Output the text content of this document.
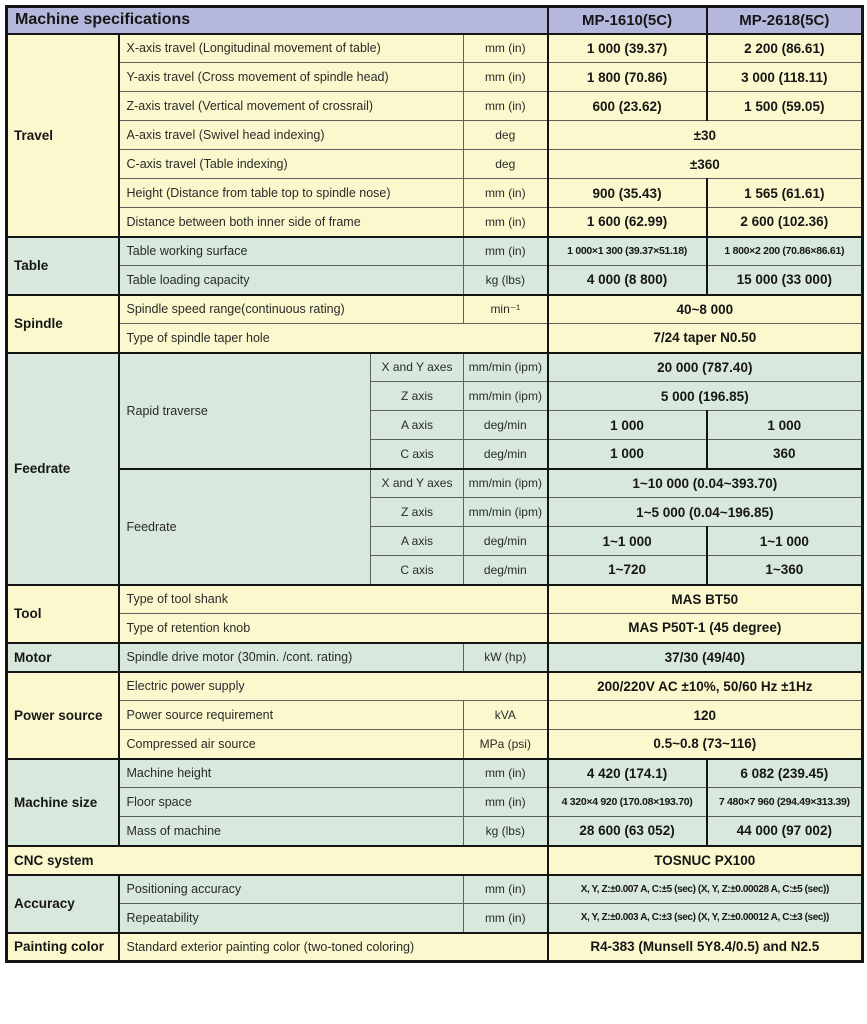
Machine specifications				MP-1610(5C)	MP-2618(5C)
Travel	X-axis travel (Longitudinal movement of table)		mm (in)	1 000 (39.37)	2 200 (86.61)
	Y-axis travel (Cross movement of spindle head)		mm (in)	1 800 (70.86)	3 000 (118.11)
	Z-axis travel (Vertical movement of crossrail)		mm (in)	600 (23.62)	1 500 (59.05)
	A-axis travel (Swivel head indexing)		deg	±30	
	C-axis travel (Table indexing)		deg	±360	
	Height (Distance from table top to spindle nose)		mm (in)	900 (35.43)	1 565 (61.61)
	Distance between both inner side of frame		mm (in)	1 600 (62.99)	2 600 (102.36)
Table	Table working surface		mm (in)	1 000×1 300 (39.37×51.18)	1 800×2 200 (70.86×86.61)
	Table loading capacity		kg (lbs)	4 000 (8 800)	15 000 (33 000)
Spindle	Spindle speed range(continuous rating)		min⁻¹	40~8 000	
	Type of spindle taper hole			7/24 taper N0.50	
Feedrate	Rapid traverse	X and Y axes	mm/min (ipm)	20 000 (787.40)	
		Z axis	mm/min (ipm)	5 000 (196.85)	
		A axis	deg/min	1 000	1 000
		C axis	deg/min	1 000	360
	Feedrate	X and Y axes	mm/min (ipm)	1~10 000 (0.04~393.70)	
		Z axis	mm/min (ipm)	1~5 000 (0.04~196.85)	
		A axis	deg/min	1~1 000	1~1 000
		C axis	deg/min	1~720	1~360
Tool	Type of tool shank			MAS BT50	
	Type of retention knob			MAS P50T-1 (45 degree)	
Motor	Spindle drive motor (30min. /cont. rating)		kW (hp)	37/30 (49/40)	
Power source	Electric power supply			200/220V AC ±10%, 50/60 Hz ±1Hz	
	Power source requirement		kVA	120	
	Compressed air source		MPa (psi)	0.5~0.8 (73~116)	
Machine size	Machine height		mm (in)	4 420 (174.1)	6 082 (239.45)
	Floor space		mm (in)	4 320×4 920 (170.08×193.70)	7 480×7 960 (294.49×313.39)
	Mass of machine		kg (lbs)	28 600 (63 052)	44 000 (97 002)
CNC system				TOSNUC PX100	
Accuracy	Positioning accuracy		mm (in)	X, Y, Z:±0.007 A, C:±5 (sec) (X, Y, Z:±0.00028 A, C:±5 (sec))	
	Repeatability		mm (in)	X, Y, Z:±0.003 A, C:±3 (sec) (X, Y, Z:±0.00012 A, C:±3 (sec))	
Painting color	Standard exterior painting color (two-toned coloring)			R4-383 (Munsell 5Y8.4/0.5) and N2.5	
